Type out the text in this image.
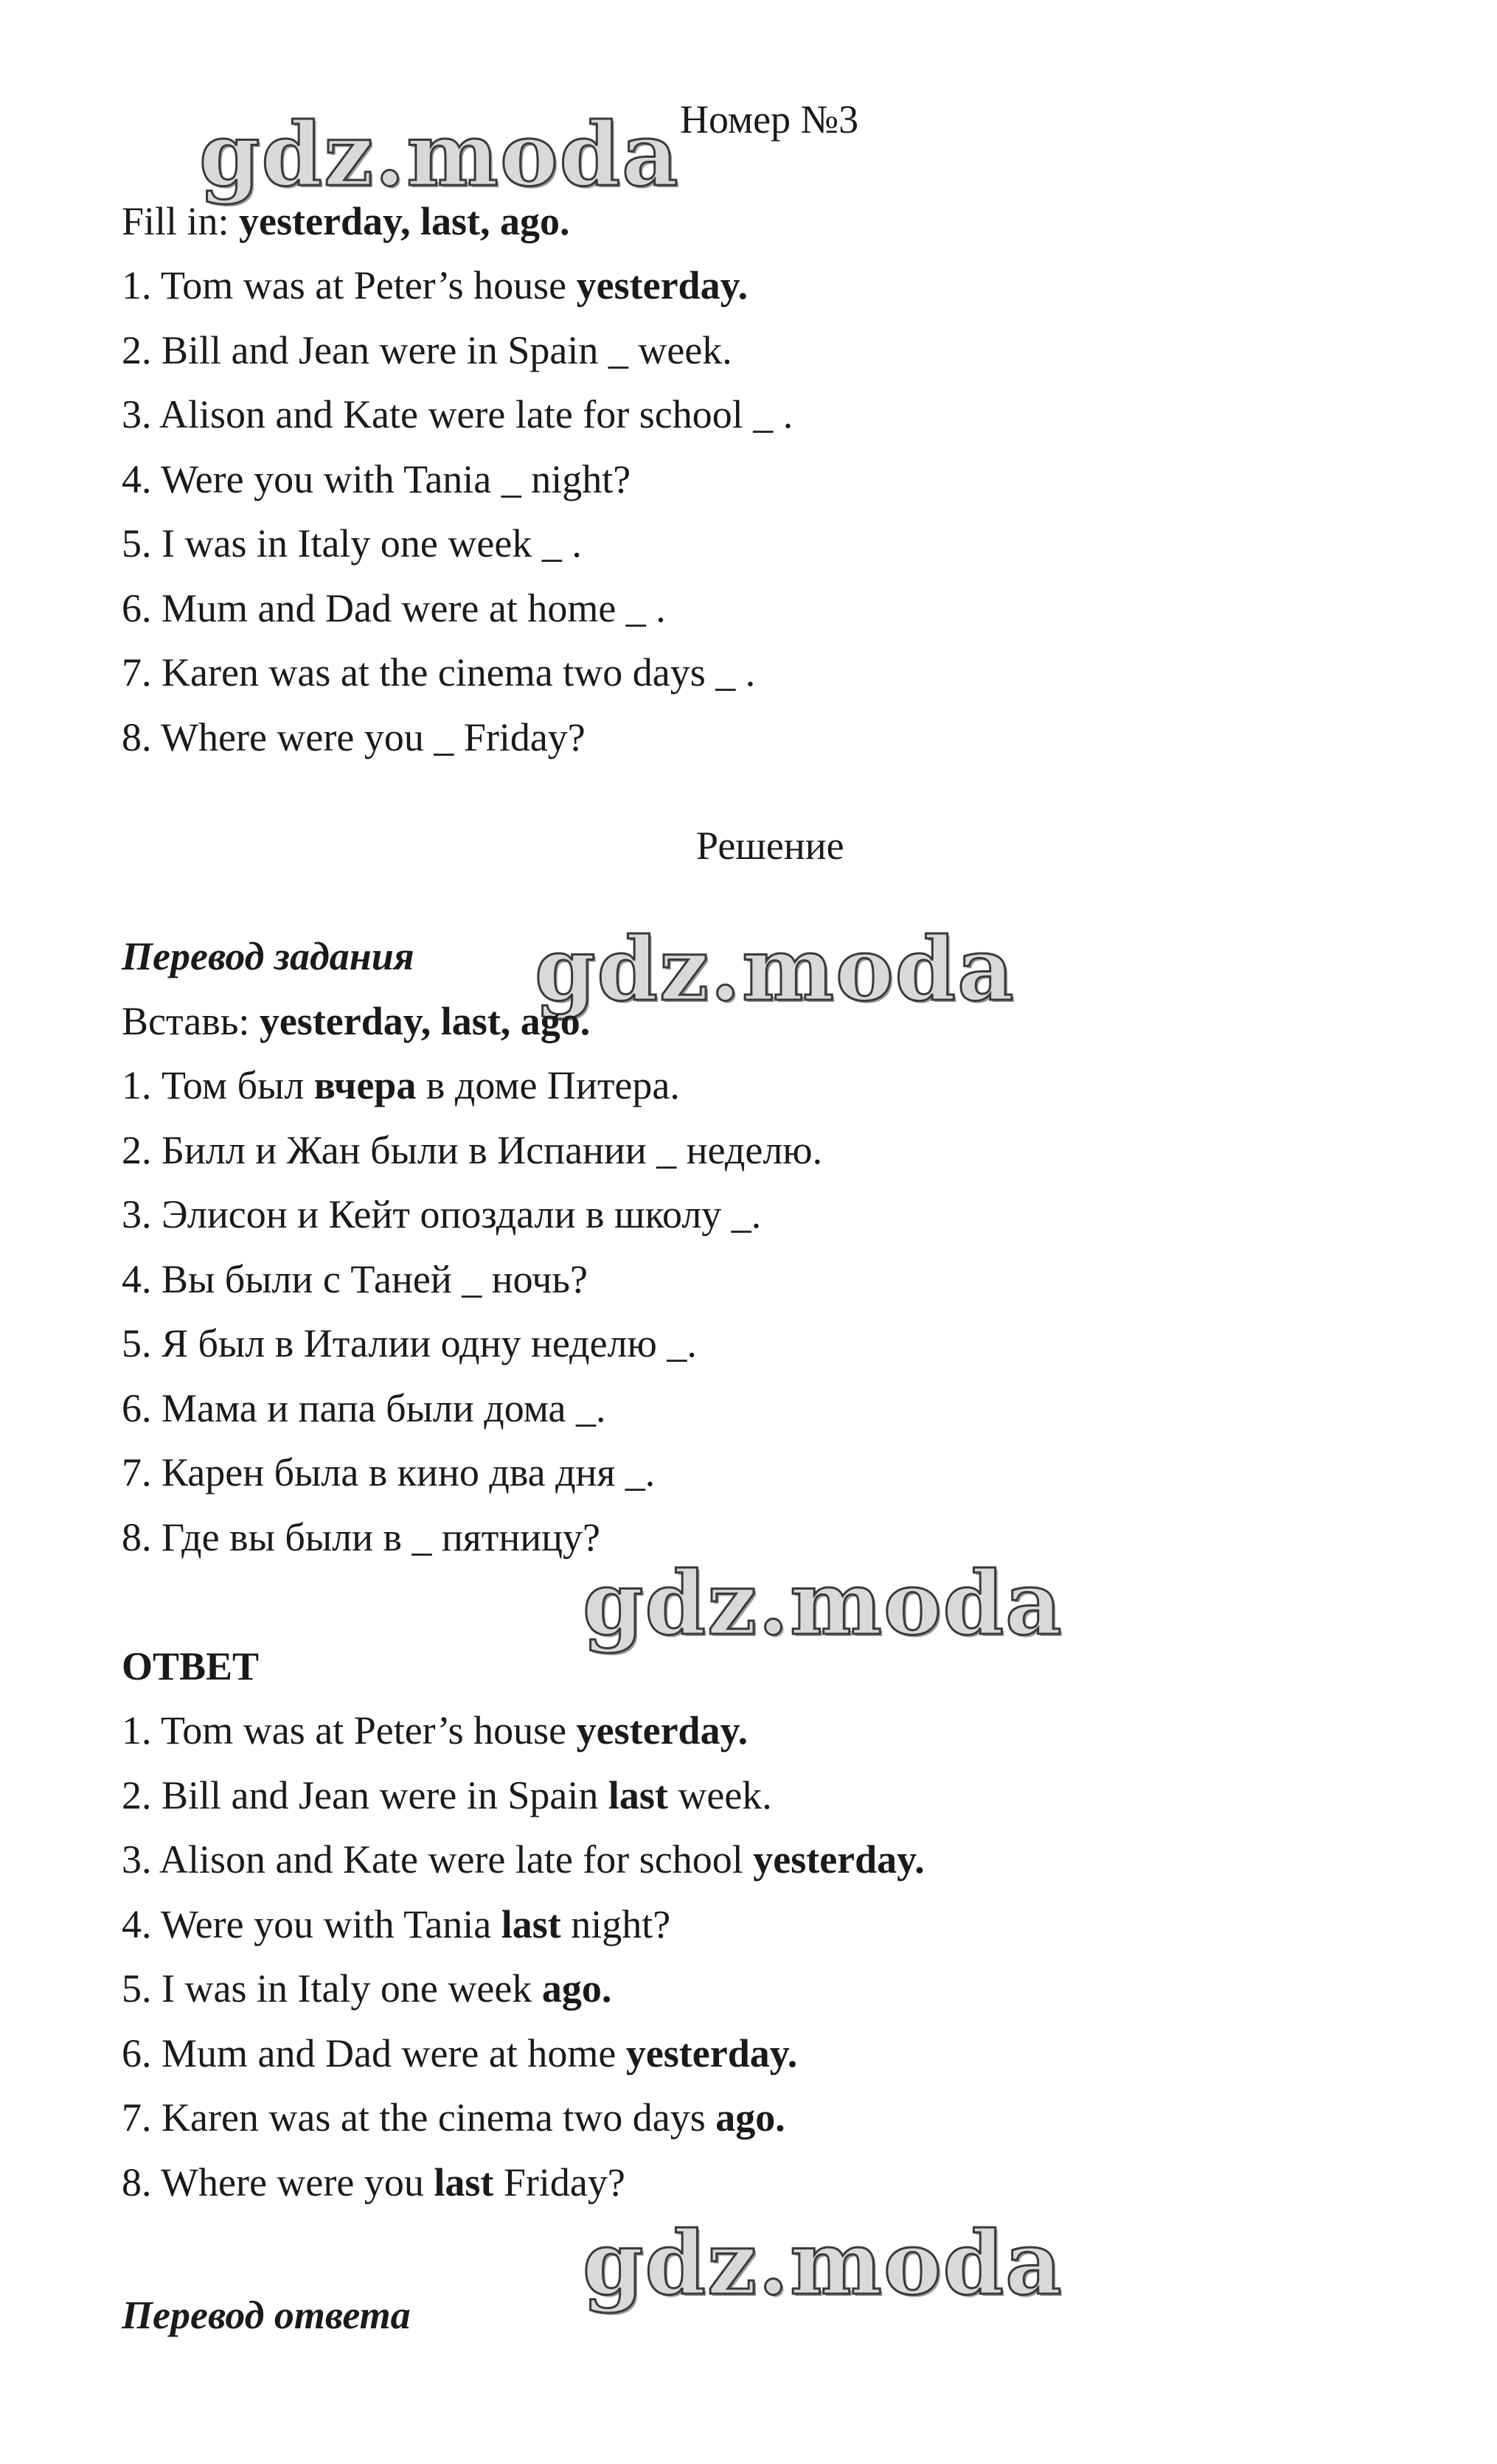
gdz.moda
gdz.moda
gdz.moda
gdz.moda
Номер №3
Fill in: yesterday, last, ago.
1. Tom was at Peter’s house yesterday.
2. Bill and Jean were in Spain _ week.
3. Alison and Kate were late for school _ .
4. Were you with Tania _ night?
5. I was in Italy one week _ .
6. Mum and Dad were at home _ .
7. Karen was at the cinema two days _ .
8. Where were you _ Friday?
Решение
Перевод задания
Вставь: yesterday, last, ago.
1. Том был вчера в доме Питера.
2. Билл и Жан были в Испании _ неделю.
3. Элисон и Кейт опоздали в школу _.
4. Вы были с Таней _ ночь?
5. Я был в Италии одну неделю _.
6. Мама и папа были дома _.
7. Карен была в кино два дня _.
8. Где вы были в _ пятницу?
ОТВЕТ
1. Tom was at Peter’s house yesterday.
2. Bill and Jean were in Spain last week.
3. Alison and Kate were late for school yesterday.
4. Were you with Tania last night?
5. I was in Italy one week ago.
6. Mum and Dad were at home yesterday.
7. Karen was at the cinema two days ago.
8. Where were you last Friday?
Перевод ответа
